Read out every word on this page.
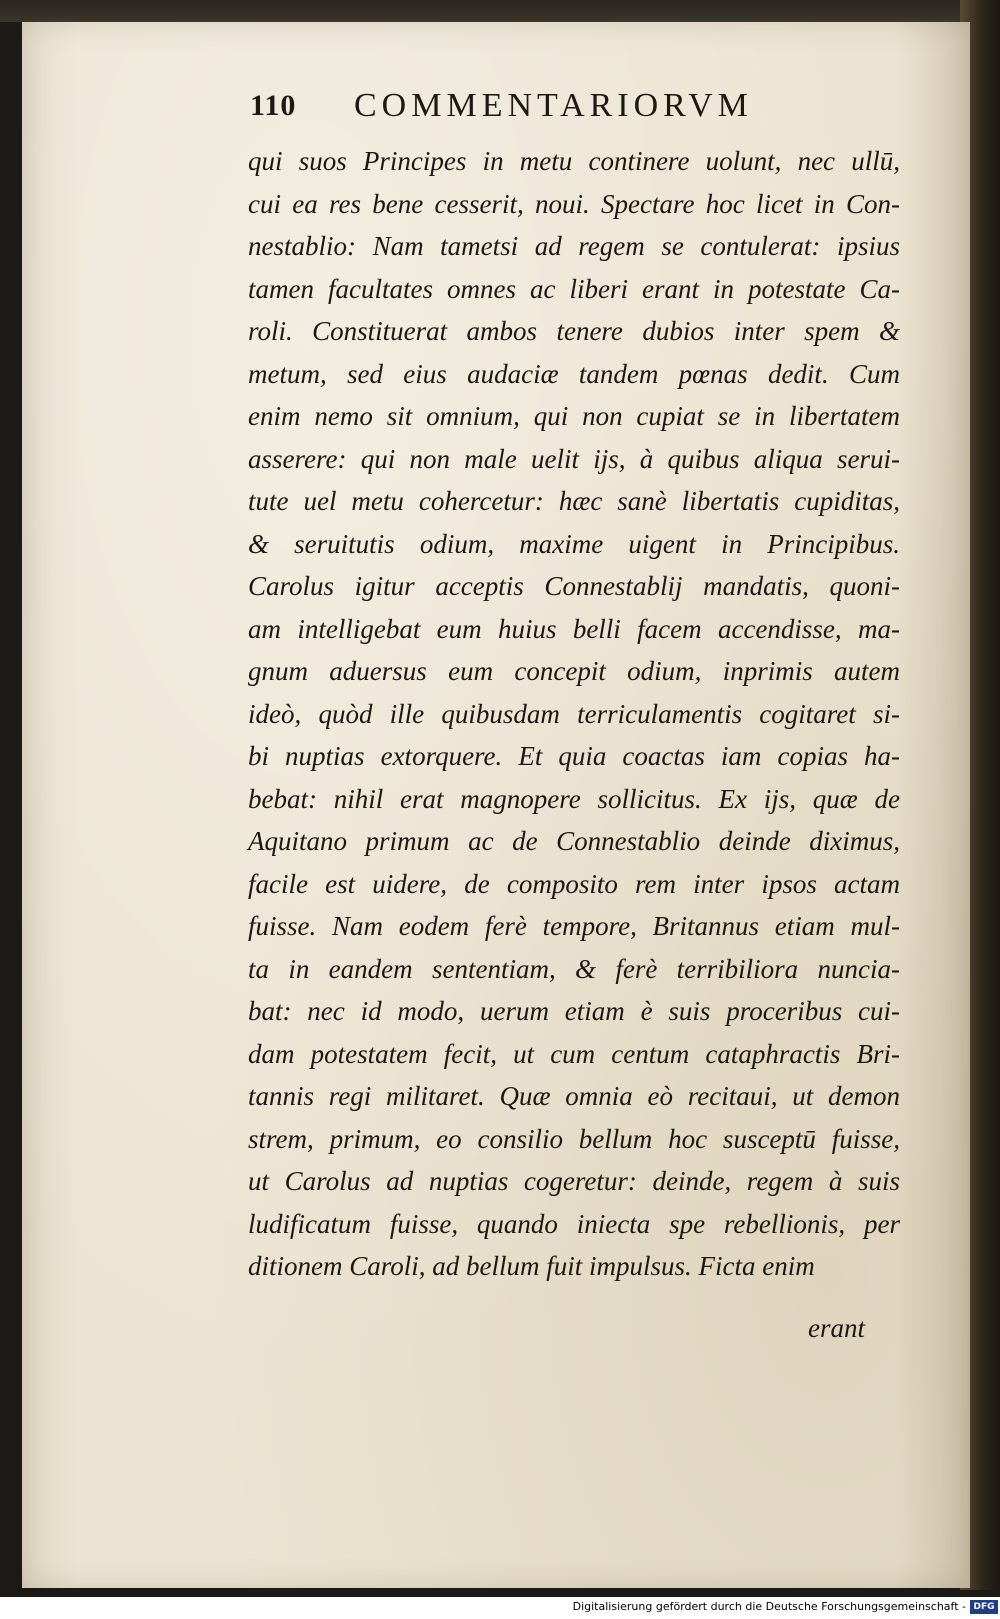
110 COMMENTARIORVM
qui suos Principes in metu continere uolunt, nec ullū,
cui ea res bene cesserit, noui. Spectare hoc licet in Con-
nestablio: Nam tametsi ad regem se contulerat: ipsius
tamen facultates omnes ac liberi erant in potestate Ca-
roli. Constituerat ambos tenere dubios inter spem &
metum, sed eius audaciæ tandem pœnas dedit. Cum
enim nemo sit omnium, qui non cupiat se in libertatem
asserere: qui non male uelit ijs, à quibus aliqua serui-
tute uel metu cohercetur: hæc sanè libertatis cupiditas,
& seruitutis odium, maxime uigent in Principibus.
Carolus igitur acceptis Connestablij mandatis, quoni-
am intelligebat eum huius belli facem accendisse, ma-
gnum aduersus eum concepit odium, inprimis autem
ideò, quòd ille quibusdam terriculamentis cogitaret si-
bi nuptias extorquere. Et quia coactas iam copias ha-
bebat: nihil erat magnopere sollicitus. Ex ijs, quæ de
Aquitano primum ac de Connestablio deinde diximus,
facile est uidere, de composito rem inter ipsos actam
fuisse. Nam eodem ferè tempore, Britannus etiam mul-
ta in eandem sententiam, & ferè terribiliora nuncia-
bat: nec id modo, uerum etiam è suis proceribus cui-
dam potestatem fecit, ut cum centum cataphractis Bri-
tannis regi militaret. Quæ omnia eò recitaui, ut demon
strem, primum, eo consilio bellum hoc susceptū fuisse,
ut Carolus ad nuptias cogeretur: deinde, regem à suis
ludificatum fuisse, quando iniecta spe rebellionis, per
ditionem Caroli, ad bellum fuit impulsus. Ficta enim
erant
Digitalisierung gefördert durch die Deutsche Forschungsgemeinschaft - DFG
